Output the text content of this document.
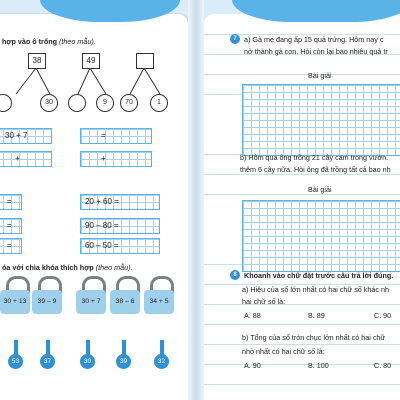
hợp vào ô trống (theo mẫu).
38
30
49
9	70	1
30 + 7	=
+	+
=	20 + 60 =
=	90 – 80 =
=	60 – 50 =
óa với chìa khóa thích hợp (theo mẫu).
30 + 13	39 – 9	30 + 7	38 – 6	34 + 5
53	37	30	39	32
7	a) Gà mẹ đang ấp 15 quả trứng. Hôm nay c
nở thành gà con. Hỏi còn lại bao nhiêu quả tr
Bài giải
b) Hôm qua ông trồng 21 cây cam trong vườn.
thêm 6 cây nữa. Hỏi ông đã trồng tất cả bao nh
Bài giải
8	Khoanh vào chữ đặt trước câu trả lời đúng.
a) Hiệu của số lớn nhất có hai chữ số khác nh
hai chữ số là:
A. 88	B. 89	C. 90
b) Tổng của số tròn chục lớn nhất có hai chữ
nhỏ nhất có hai chữ số là:
A. 90	B. 100	C. 80
